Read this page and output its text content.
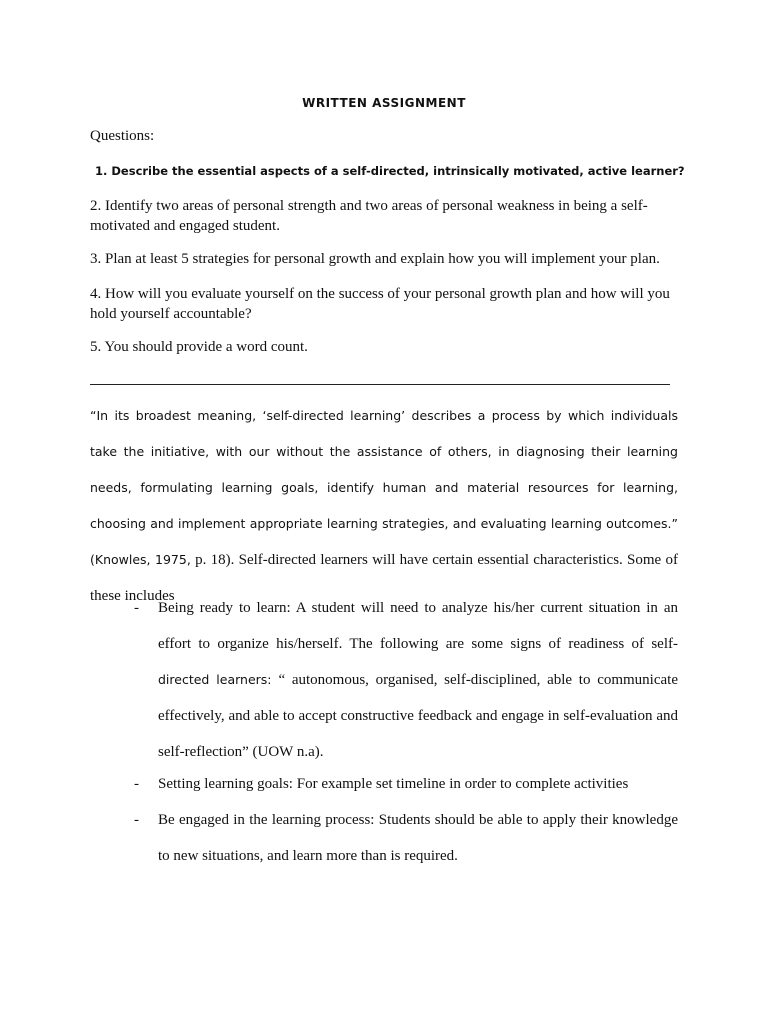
WRITTEN ASSIGNMENT
Questions:
1. Describe the essential aspects of a self-directed, intrinsically motivated, active learner?
2. Identify two areas of personal strength and two areas of personal weakness in being a self-motivated and engaged student.
3. Plan at least 5 strategies for personal growth and explain how you will implement your plan.
4. How will you evaluate yourself on the success of your personal growth plan and how will you hold yourself accountable?
5. You should provide a word count.
“In its broadest meaning, ‘self-directed learning’ describes a process by which individuals take the initiative, with our without the assistance of others, in diagnosing their learning needs, formulating learning goals, identify human and material resources for learning, choosing and implement appropriate learning strategies, and evaluating learning outcomes.” (Knowles, 1975, p. 18). Self-directed learners will have certain essential characteristics. Some of these includes
- Being ready to learn: A student will need to analyze his/her current situation in an effort to organize his/herself. The following are some signs of readiness of self- directed learners: “ autonomous, organised, self-disciplined, able to communicate effectively, and able to accept constructive feedback and engage in self-evaluation and self-reflection” (UOW n.a).
- Setting learning goals: For example set timeline in order to complete activities
- Be engaged in the learning process: Students should be able to apply their knowledge to new situations, and learn more than is required.
